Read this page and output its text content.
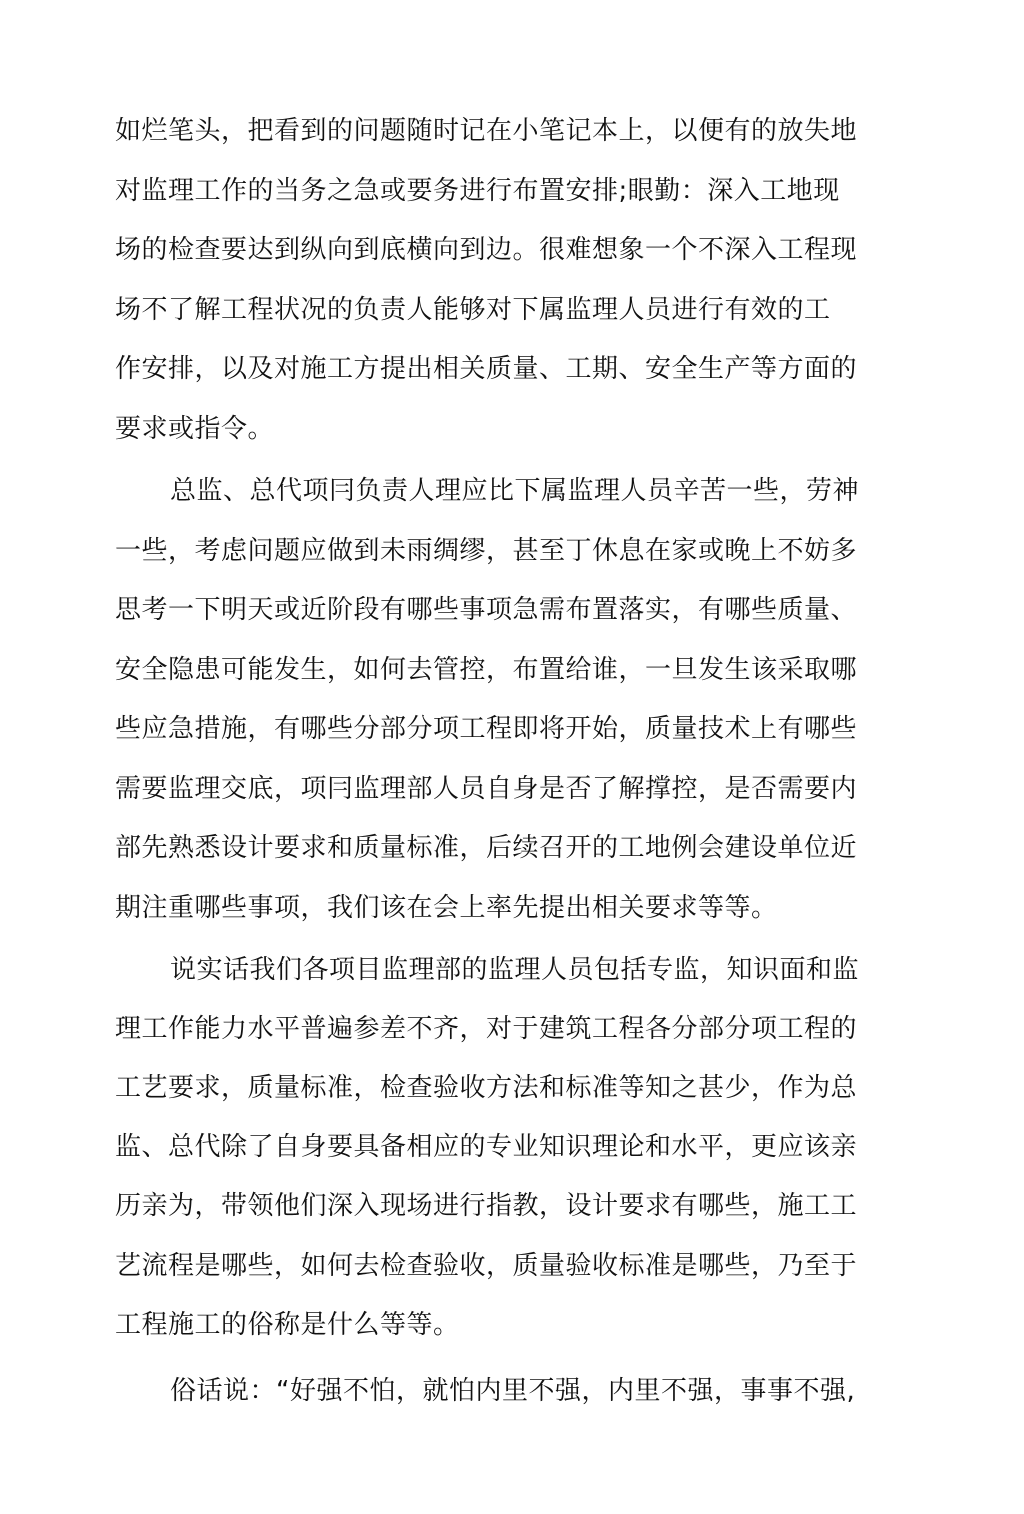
如烂笔头，把看到的问题随时记在小笔记本上，以便有的放失地
对监理工作的当务之急或要务进行布置安排;眼勤：深入工地现
场的检查要达到纵向到底横向到边。很难想象一个不深入工程现
场不了解工程状况的负责人能够对下属监理人员进行有效的工
作安排，以及对施工方提出相关质量、工期、安全生产等方面的
要求或指令。
总监、总代项冃负责人理应比下属监理人员辛苦一些，劳神
一些，考虑问题应做到未雨绸缪，甚至丁休息在家或晚上不妨多
思考一下明天或近阶段有哪些事项急需布置落实，有哪些质量、
安全隐患可能发生，如何去管控，布置给谁，一旦发生该采取哪
些应急措施，有哪些分部分项工程即将开始，质量技术上有哪些
需要监理交底，项冃监理部人员自身是否了解撑控，是否需要内
部先熟悉设计要求和质量标准，后续召开的工地例会建设单位近
期注重哪些事项，我们该在会上率先提出相关要求等等。
说实话我们各项目监理部的监理人员包括专监，知识面和监
理工作能力水平普遍参差不齐，对于建筑工程各分部分项工程的
工艺要求，质量标准，检查验收方法和标准等知之甚少，作为总
监、总代除了自身要具备相应的专业知识理论和水平，更应该亲
历亲为，带领他们深入现场进行指教，设计要求有哪些，施工工
艺流程是哪些，如何去检查验收，质量验收标准是哪些，乃至于
工程施工的俗称是什么等等。
俗话说：“好强不怕，就怕内里不强，内里不强，事事不强,
